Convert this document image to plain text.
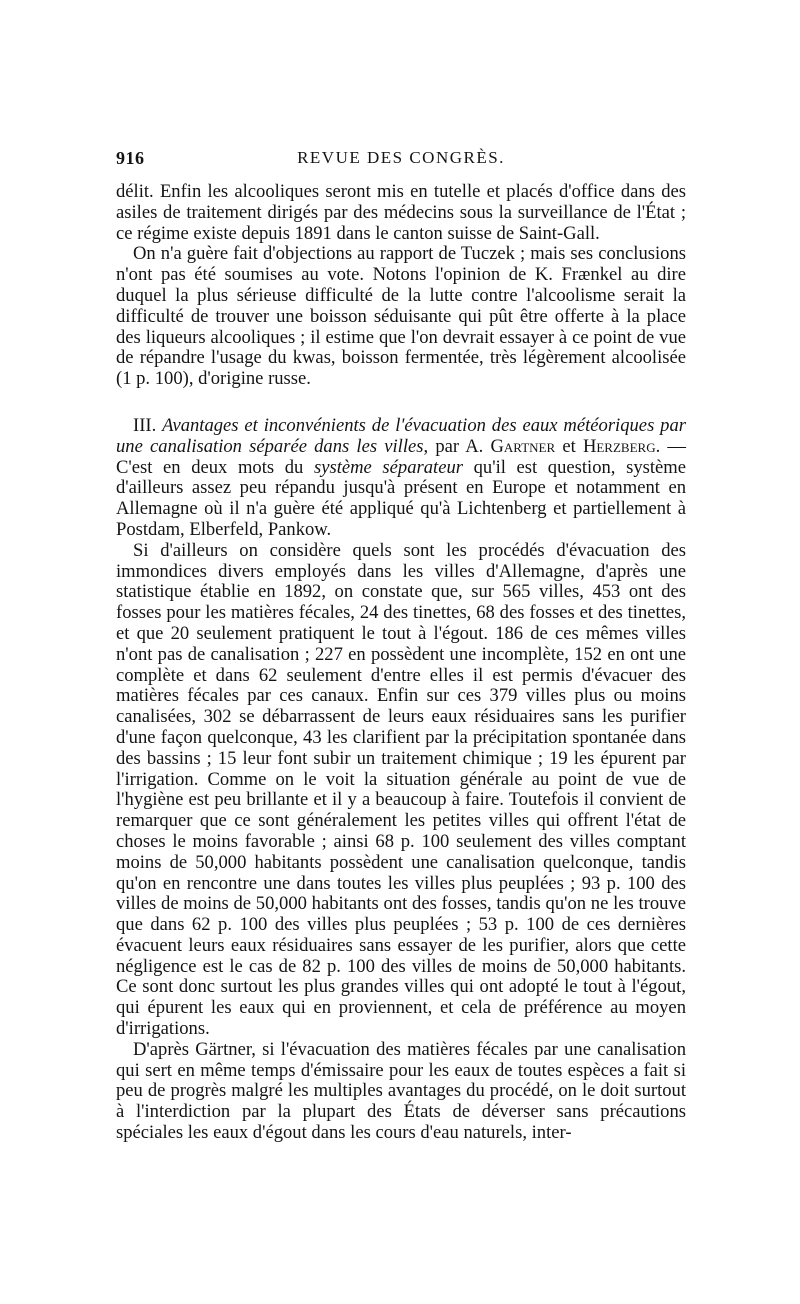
916	REVUE DES CONGRÈS.

délit. Enfin les alcooliques seront mis en tutelle et placés d'office dans des asiles de traitement dirigés par des médecins sous la surveillance de l'État ; ce régime existe depuis 1891 dans le canton suisse de Saint-Gall.

On n'a guère fait d'objections au rapport de Tuczek ; mais ses conclusions n'ont pas été soumises au vote. Notons l'opinion de K. Frænkel au dire duquel la plus sérieuse difficulté de la lutte contre l'alcoolisme serait la difficulté de trouver une boisson séduisante qui pût être offerte à la place des liqueurs alcooliques ; il estime que l'on devrait essayer à ce point de vue de répandre l'usage du kwas, boisson fermentée, très légèrement alcoolisée (1 p. 100), d'origine russe.

III. Avantages et inconvénients de l'évacuation des eaux météoriques par une canalisation séparée dans les villes, par A. Gartner et Herzberg. — C'est en deux mots du système séparateur qu'il est question, système d'ailleurs assez peu répandu jusqu'à présent en Europe et notamment en Allemagne où il n'a guère été appliqué qu'à Lichtenberg et partiellement à Postdam, Elberfeld, Pankow.

Si d'ailleurs on considère quels sont les procédés d'évacuation des immondices divers employés dans les villes d'Allemagne, d'après une statistique établie en 1892, on constate que, sur 565 villes, 453 ont des fosses pour les matières fécales, 24 des tinettes, 68 des fosses et des tinettes, et que 20 seulement pratiquent le tout à l'égout. 186 de ces mêmes villes n'ont pas de canalisation ; 227 en possèdent une incomplète, 152 en ont une complète et dans 62 seulement d'entre elles il est permis d'évacuer des matières fécales par ces canaux. Enfin sur ces 379 villes plus ou moins canalisées, 302 se débarrassent de leurs eaux résiduaires sans les purifier d'une façon quelconque, 43 les clarifient par la précipitation spontanée dans des bassins ; 15 leur font subir un traitement chimique ; 19 les épurent par l'irrigation. Comme on le voit la situation générale au point de vue de l'hygiène est peu brillante et il y a beaucoup à faire. Toutefois il convient de remarquer que ce sont généralement les petites villes qui offrent l'état de choses le moins favorable ; ainsi 68 p. 100 seulement des villes comptant moins de 50,000 habitants possèdent une canalisation quelconque, tandis qu'on en rencontre une dans toutes les villes plus peuplées ; 93 p. 100 des villes de moins de 50,000 habitants ont des fosses, tandis qu'on ne les trouve que dans 62 p. 100 des villes plus peuplées ; 53 p. 100 de ces dernières évacuent leurs eaux résiduaires sans essayer de les purifier, alors que cette négligence est le cas de 82 p. 100 des villes de moins de 50,000 habitants. Ce sont donc surtout les plus grandes villes qui ont adopté le tout à l'égout, qui épurent les eaux qui en proviennent, et cela de préférence au moyen d'irrigations.

D'après Gärtner, si l'évacuation des matières fécales par une canalisation qui sert en même temps d'émissaire pour les eaux de toutes espèces a fait si peu de progrès malgré les multiples avantages du procédé, on le doit surtout à l'interdiction par la plupart des États de déverser sans précautions spéciales les eaux d'égout dans les cours d'eau naturels, inter-
